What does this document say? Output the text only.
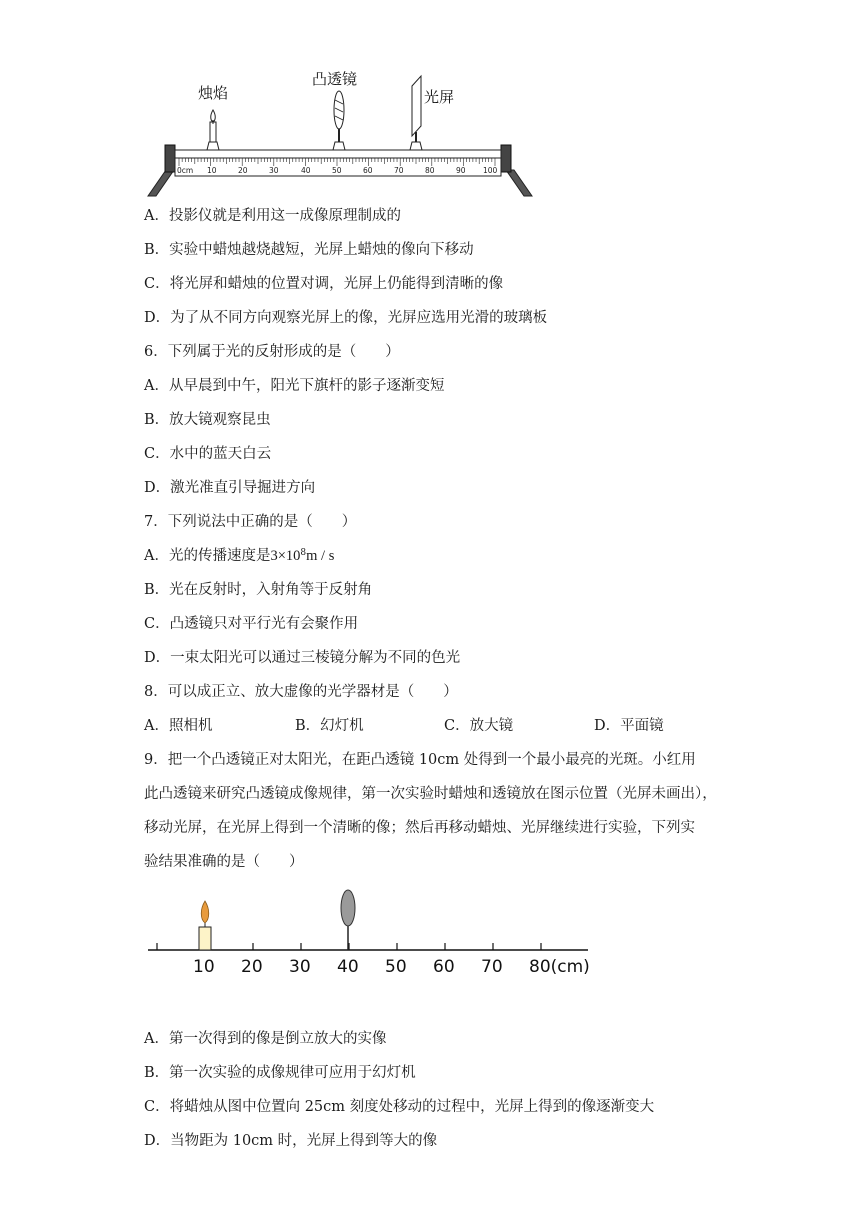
0cm 10	20	30	40	50	60	70	80	90 100
烛焰
凸透镜
光屏
A．投影仪就是利用这一成像原理制成的
B．实验中蜡烛越烧越短，光屏上蜡烛的像向下移动
C．将光屏和蜡烛的位置对调，光屏上仍能得到清晰的像
D．为了从不同方向观察光屏上的像，光屏应选用光滑的玻璃板
6．下列属于光的反射形成的是（　　）
A．从早晨到中午，阳光下旗杆的影子逐渐变短
B．放大镜观察昆虫
C．水中的蓝天白云
D．激光准直引导掘进方向
7．下列说法中正确的是（　　）
A．光的传播速度是$3\times 10^8m / s$
B．光在反射时，入射角等于反射角
C．凸透镜只对平行光有会聚作用
D．一束太阳光可以通过三棱镜分解为不同的色光
8．可以成正立、放大虚像的光学器材是（　　）
A．照相机	B．幻灯机	C．放大镜	D．平面镜
9．把一个凸透镜正对太阳光，在距凸透镜 10cm 处得到一个最小最亮的光斑。小红用
此凸透镜来研究凸透镜成像规律，第一次实验时蜡烛和透镜放在图示位置（光屏未画出），
移动光屏，在光屏上得到一个清晰的像；然后再移动蜡烛、光屏继续进行实验，下列实
验结果准确的是（　　）
10 20 30 40 50 60 70 80(cm)
A．第一次得到的像是倒立放大的实像
B．第一次实验的成像规律可应用于幻灯机
C．将蜡烛从图中位置向 25cm 刻度处移动的过程中，光屏上得到的像逐渐变大
D．当物距为 10cm 时，光屏上得到等大的像
